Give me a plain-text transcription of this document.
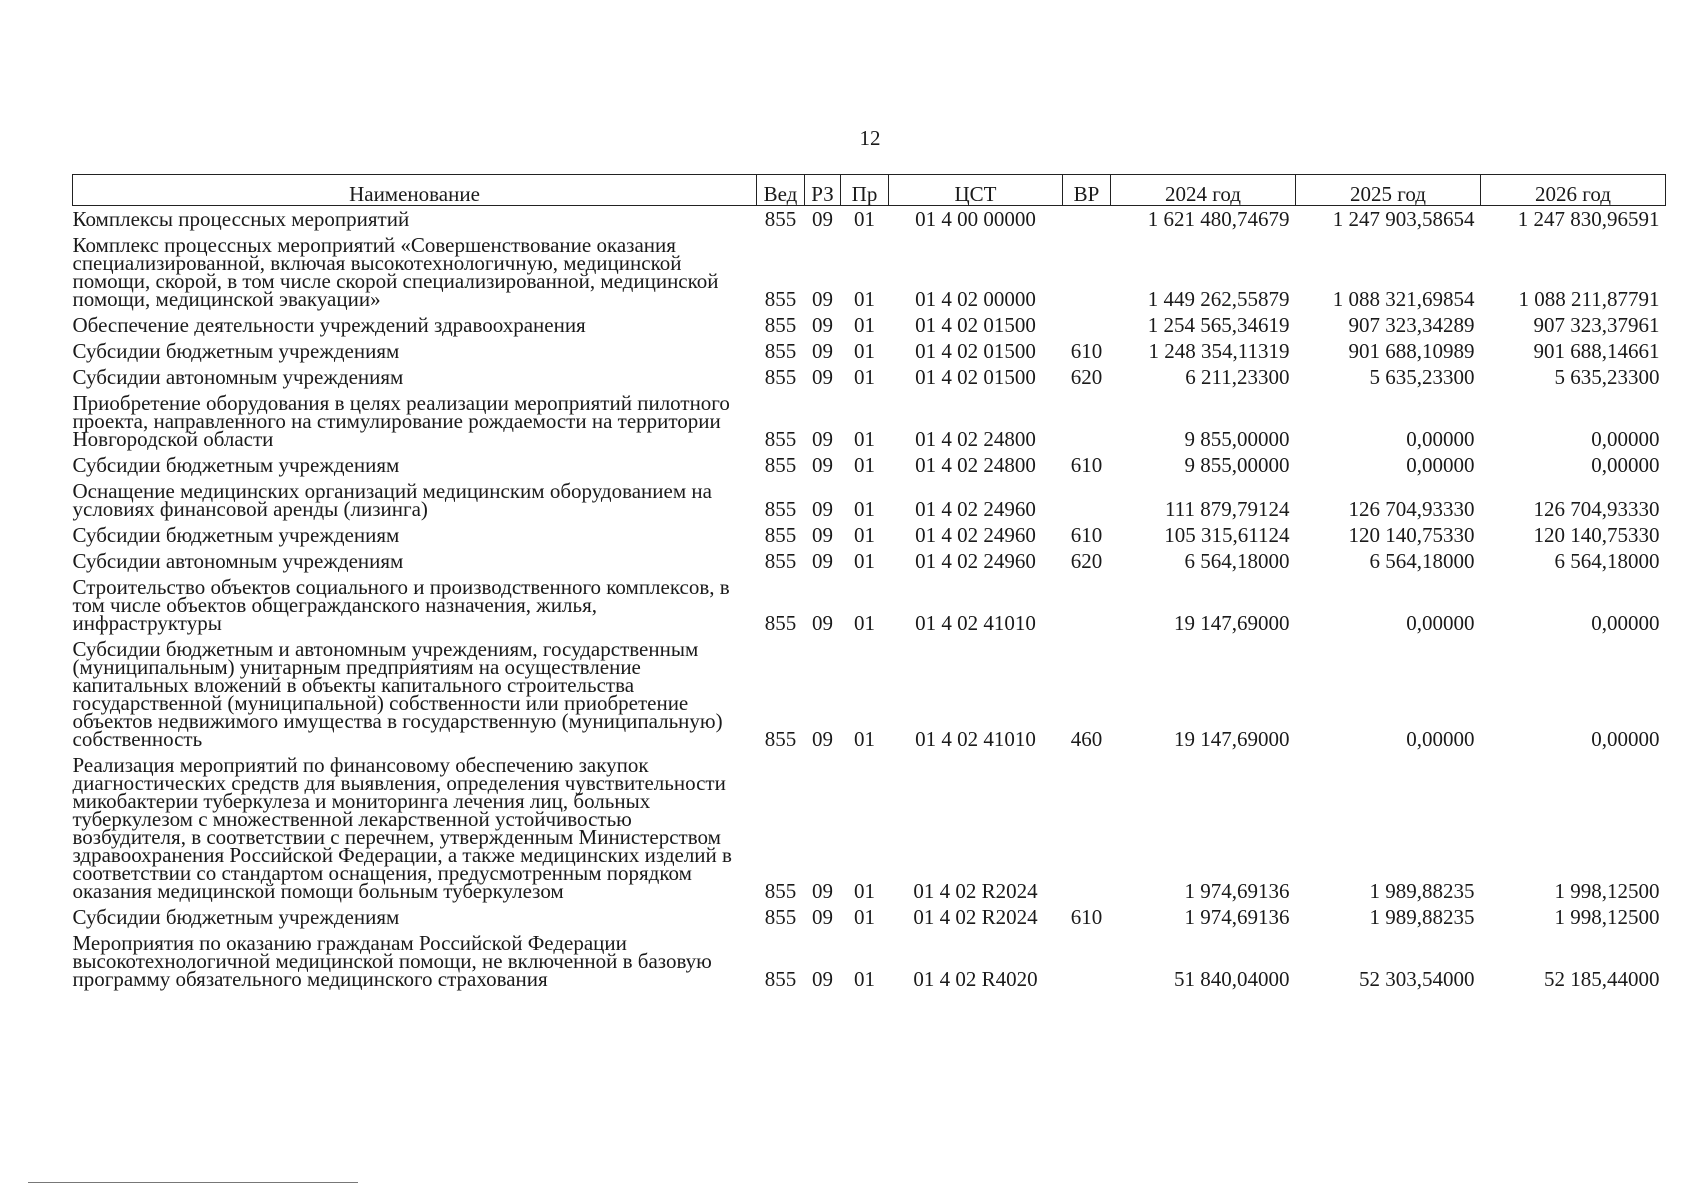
12
Наименование	Вед	РЗ	Пр	ЦСТ	ВР	2024 год	2025 год	2026 год
Комплексы процессных мероприятий	855	09	01	01 4 00 00000		1 621 480,74679	1 247 903,58654	1 247 830,96591
Комплекс процессных мероприятий «Совершенствование оказания специализированной, включая высокотехнологичную, медицинской помощи, скорой, в том числе скорой специализированной, медицинской помощи, медицинской эвакуации»	855	09	01	01 4 02 00000		1 449 262,55879	1 088 321,69854	1 088 211,87791
Обеспечение деятельности учреждений здравоохранения	855	09	01	01 4 02 01500		1 254 565,34619	907 323,34289	907 323,37961
Субсидии бюджетным учреждениям	855	09	01	01 4 02 01500	610	1 248 354,11319	901 688,10989	901 688,14661
Субсидии автономным учреждениям	855	09	01	01 4 02 01500	620	6 211,23300	5 635,23300	5 635,23300
Приобретение оборудования в целях реализации мероприятий пилотного проекта, направленного на стимулирование рождаемости на территории Новгородской области	855	09	01	01 4 02 24800		9 855,00000	0,00000	0,00000
Субсидии бюджетным учреждениям	855	09	01	01 4 02 24800	610	9 855,00000	0,00000	0,00000
Оснащение медицинских организаций медицинским оборудованием на условиях финансовой аренды (лизинга)	855	09	01	01 4 02 24960		111 879,79124	126 704,93330	126 704,93330
Субсидии бюджетным учреждениям	855	09	01	01 4 02 24960	610	105 315,61124	120 140,75330	120 140,75330
Субсидии автономным учреждениям	855	09	01	01 4 02 24960	620	6 564,18000	6 564,18000	6 564,18000
Строительство объектов социального и производственного комплексов, в том числе объектов общегражданского назначения, жилья, инфраструктуры	855	09	01	01 4 02 41010		19 147,69000	0,00000	0,00000
Субсидии бюджетным и автономным учреждениям, государственным (муниципальным) унитарным предприятиям на осуществление капитальных вложений в объекты капитального строительства государственной (муниципальной) собственности или приобретение объектов недвижимого имущества в государственную (муниципальную) собственность	855	09	01	01 4 02 41010	460	19 147,69000	0,00000	0,00000
Реализация мероприятий по финансовому обеспечению закупок диагностических средств для выявления, определения чувствительности микобактерии туберкулеза и мониторинга лечения лиц, больных туберкулезом с множественной лекарственной устойчивостью возбудителя, в соответствии с перечнем, утвержденным Министерством здравоохранения Российской Федерации, а также медицинских изделий в соответствии со стандартом оснащения, предусмотренным порядком оказания медицинской помощи больным туберкулезом	855	09	01	01 4 02 R2024		1 974,69136	1 989,88235	1 998,12500
Субсидии бюджетным учреждениям	855	09	01	01 4 02 R2024	610	1 974,69136	1 989,88235	1 998,12500
Мероприятия по оказанию гражданам Российской Федерации высокотехнологичной медицинской помощи, не включенной в базовую программу обязательного медицинского страхования	855	09	01	01 4 02 R4020		51 840,04000	52 303,54000	52 185,44000
